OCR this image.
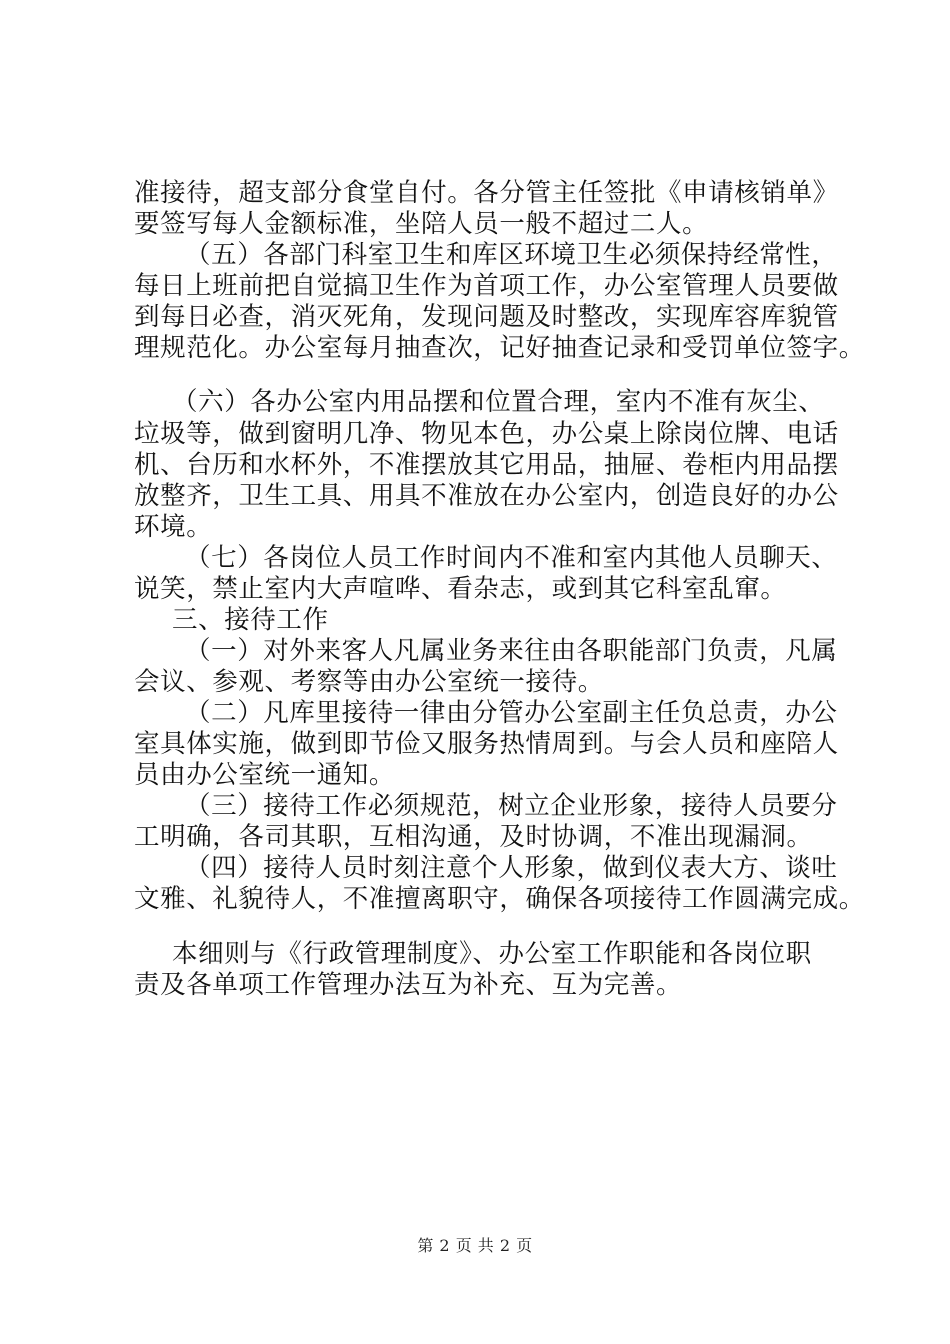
准接待，超支部分食堂自付。各分管主任签批《申请核销单》
要签写每人金额标准，坐陪人员一般不超过二人。
（五）各部门科室卫生和库区环境卫生必须保持经常性，
每日上班前把自觉搞卫生作为首项工作，办公室管理人员要做
到每日必查，消灭死角，发现问题及时整改，实现库容库貌管
理规范化。办公室每月抽查次，记好抽查记录和受罚单位签字。
（六）各办公室内用品摆和位置合理，室内不准有灰尘、
垃圾等，做到窗明几净、物见本色，办公桌上除岗位牌、电话
机、台历和水杯外，不准摆放其它用品，抽屉、卷柜内用品摆
放整齐，卫生工具、用具不准放在办公室内，创造良好的办公
环境。
（七）各岗位人员工作时间内不准和室内其他人员聊天、
说笑，禁止室内大声喧哗、看杂志，或到其它科室乱窜。
三、接待工作
（一）对外来客人凡属业务来往由各职能部门负责，凡属
会议、参观、考察等由办公室统一接待。
（二）凡库里接待一律由分管办公室副主任负总责，办公
室具体实施，做到即节俭又服务热情周到。与会人员和座陪人
员由办公室统一通知。
（三）接待工作必须规范，树立企业形象，接待人员要分
工明确，各司其职，互相沟通，及时协调，不准出现漏洞。
（四）接待人员时刻注意个人形象，做到仪表大方、谈吐
文雅、礼貌待人，不准擅离职守，确保各项接待工作圆满完成。
本细则与《行政管理制度》、办公室工作职能和各岗位职
责及各单项工作管理办法互为补充、互为完善。
第 2 页 共 2 页
